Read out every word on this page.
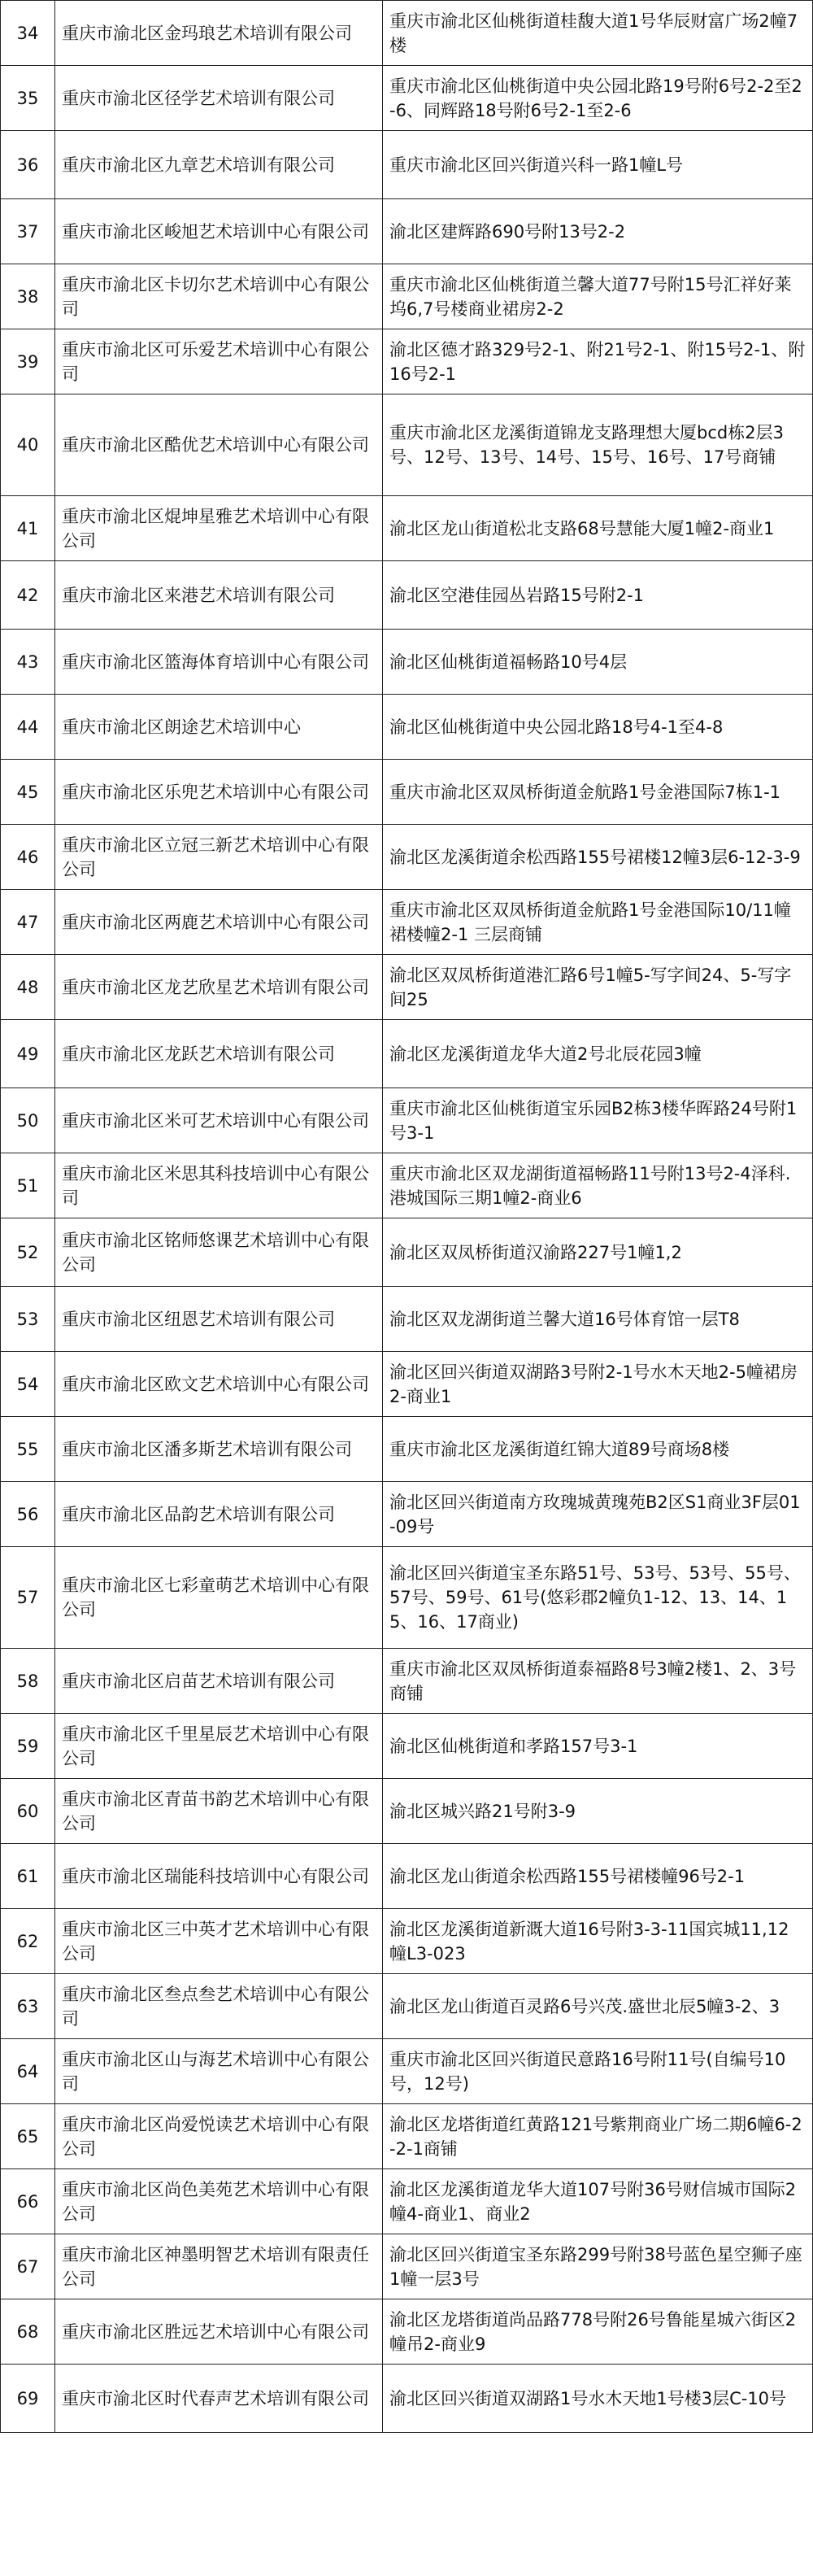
34	重庆市渝北区金玛琅艺术培训有限公司	重庆市渝北区仙桃街道桂馥大道1号华辰财富广场2幢7楼
35	重庆市渝北区径学艺术培训有限公司	重庆市渝北区仙桃街道中央公园北路19号附6号2-2至2-6、同辉路18号附6号2-1至2-6
36	重庆市渝北区九章艺术培训有限公司	重庆市渝北区回兴街道兴科一路1幢L号
37	重庆市渝北区峻旭艺术培训中心有限公司	渝北区建辉路690号附13号2-2
38	重庆市渝北区卡切尔艺术培训中心有限公司	重庆市渝北区仙桃街道兰馨大道77号附15号汇祥好莱坞6,7号楼商业裙房2-2
39	重庆市渝北区可乐爱艺术培训中心有限公司	渝北区德才路329号2-1、附21号2-1、附15号2-1、附16号2-1
40	重庆市渝北区酷优艺术培训中心有限公司	重庆市渝北区龙溪街道锦龙支路理想大厦bcd栋2层3号、12号、13号、14号、15号、16号、17号商铺
41	重庆市渝北区焜坤星雅艺术培训中心有限公司	渝北区龙山街道松北支路68号慧能大厦1幢2-商业1
42	重庆市渝北区来港艺术培训有限公司	渝北区空港佳园丛岩路15号附2-1
43	重庆市渝北区篮海体育培训中心有限公司	渝北区仙桃街道福畅路10号4层
44	重庆市渝北区朗途艺术培训中心	渝北区仙桃街道中央公园北路18号4-1至4-8
45	重庆市渝北区乐兜艺术培训中心有限公司	重庆市渝北区双凤桥街道金航路1号金港国际7栋1-1
46	重庆市渝北区立冠三新艺术培训中心有限公司	渝北区龙溪街道余松西路155号裙楼12幢3层6-12-3-9
47	重庆市渝北区两鹿艺术培训中心有限公司	重庆市渝北区双凤桥街道金航路1号金港国际10/11幢裙楼幢2-1 三层商铺
48	重庆市渝北区龙艺欣星艺术培训有限公司	渝北区双凤桥街道港汇路6号1幢5-写字间24、5-写字间25
49	重庆市渝北区龙跃艺术培训有限公司	渝北区龙溪街道龙华大道2号北辰花园3幢
50	重庆市渝北区米可艺术培训中心有限公司	重庆市渝北区仙桃街道宝乐园B2栋3楼华晖路24号附1号3-1
51	重庆市渝北区米思其科技培训中心有限公司	重庆市渝北区双龙湖街道福畅路11号附13号2-4泽科.港城国际三期1幢2-商业6
52	重庆市渝北区铭师悠课艺术培训中心有限公司	渝北区双凤桥街道汉渝路227号1幢1,2
53	重庆市渝北区纽恩艺术培训有限公司	渝北区双龙湖街道兰馨大道16号体育馆一层T8
54	重庆市渝北区欧文艺术培训中心有限公司	渝北区回兴街道双湖路3号附2-1号水木天地2-5幢裙房2-商业1
55	重庆市渝北区潘多斯艺术培训有限公司	重庆市渝北区龙溪街道红锦大道89号商场8楼
56	重庆市渝北区品韵艺术培训有限公司	渝北区回兴街道南方玫瑰城黄瑰苑B2区S1商业3F层01-09号
57	重庆市渝北区七彩童萌艺术培训中心有限公司	渝北区回兴街道宝圣东路51号、53号、53号、55号、57号、59号、61号(悠彩郡2幢负1-12、13、14、15、16、17商业)
58	重庆市渝北区启苗艺术培训有限公司	重庆市渝北区双凤桥街道泰福路8号3幢2楼1、2、3号商铺
59	重庆市渝北区千里星辰艺术培训中心有限公司	渝北区仙桃街道和孝路157号3-1
60	重庆市渝北区青苗书韵艺术培训中心有限公司	渝北区城兴路21号附3-9
61	重庆市渝北区瑞能科技培训中心有限公司	渝北区龙山街道余松西路155号裙楼幢96号2-1
62	重庆市渝北区三中英才艺术培训中心有限公司	渝北区龙溪街道新溉大道16号附3-3-11国宾城11,12幢L3-023
63	重庆市渝北区叁点叁艺术培训中心有限公司	渝北区龙山街道百灵路6号兴茂.盛世北辰5幢3-2、3
64	重庆市渝北区山与海艺术培训中心有限公司	重庆市渝北区回兴街道民意路16号附11号(自编号10号，12号)
65	重庆市渝北区尚爱悦读艺术培训中心有限公司	渝北区龙塔街道红黄路121号紫荆商业广场二期6幢6-2-2-1商铺
66	重庆市渝北区尚色美苑艺术培训中心有限公司	渝北区龙溪街道龙华大道107号附36号财信城市国际2幢4-商业1、商业2
67	重庆市渝北区神墨明智艺术培训有限责任公司	渝北区回兴街道宝圣东路299号附38号蓝色星空狮子座1幢一层3号
68	重庆市渝北区胜远艺术培训中心有限公司	渝北区龙塔街道尚品路778号附26号鲁能星城六街区2幢吊2-商业9
69	重庆市渝北区时代春声艺术培训有限公司	渝北区回兴街道双湖路1号水木天地1号楼3层C-10号
